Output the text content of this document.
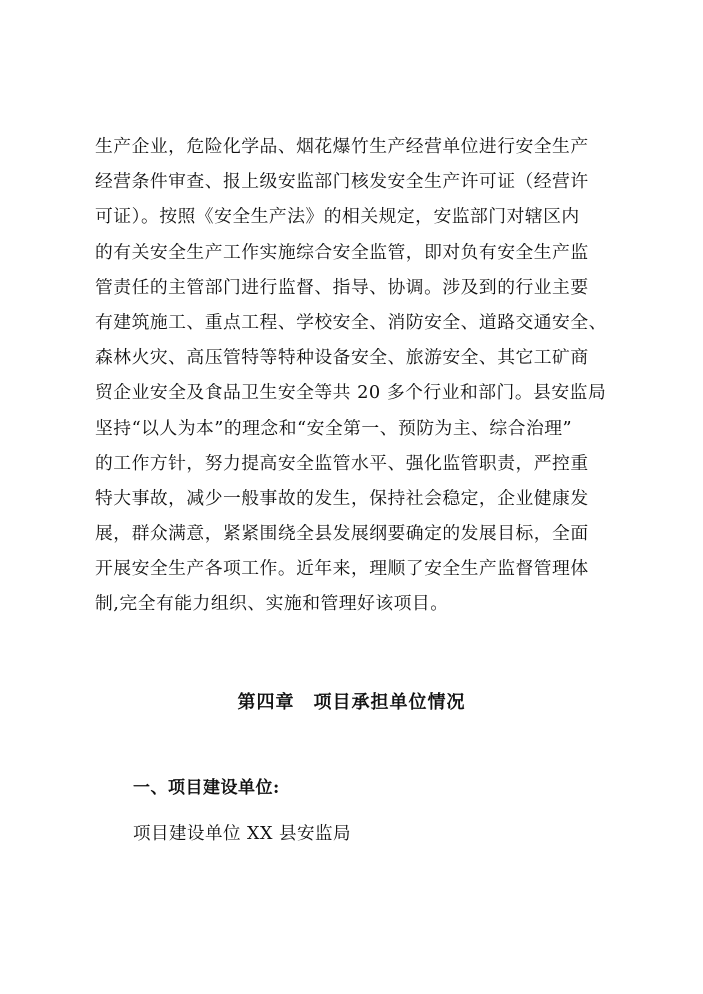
生产企业，危险化学品、烟花爆竹生产经营单位进行安全生产
经营条件审查、报上级安监部门核发安全生产许可证（经营许
可证）。按照《安全生产法》的相关规定，安监部门对辖区内
的有关安全生产工作实施综合安全监管，即对负有安全生产监
管责任的主管部门进行监督、指导、协调。涉及到的行业主要
有建筑施工、重点工程、学校安全、消防安全、道路交通安全、
森林火灾、高压管特等特种设备安全、旅游安全、其它工矿商
贸企业安全及食品卫生安全等共 20 多个行业和部门。县安监局
坚持“以人为本”的理念和“安全第一、预防为主、综合治理”
的工作方针，努力提高安全监管水平、强化监管职责，严控重
特大事故，减少一般事故的发生，保持社会稳定，企业健康发
展，群众满意，紧紧围绕全县发展纲要确定的发展目标，全面
开展安全生产各项工作。近年来，理顺了安全生产监督管理体
制,完全有能力组织、实施和管理好该项目。
第四章　项目承担单位情况
一、项目建设单位:
项目建设单位 XX 县安监局
